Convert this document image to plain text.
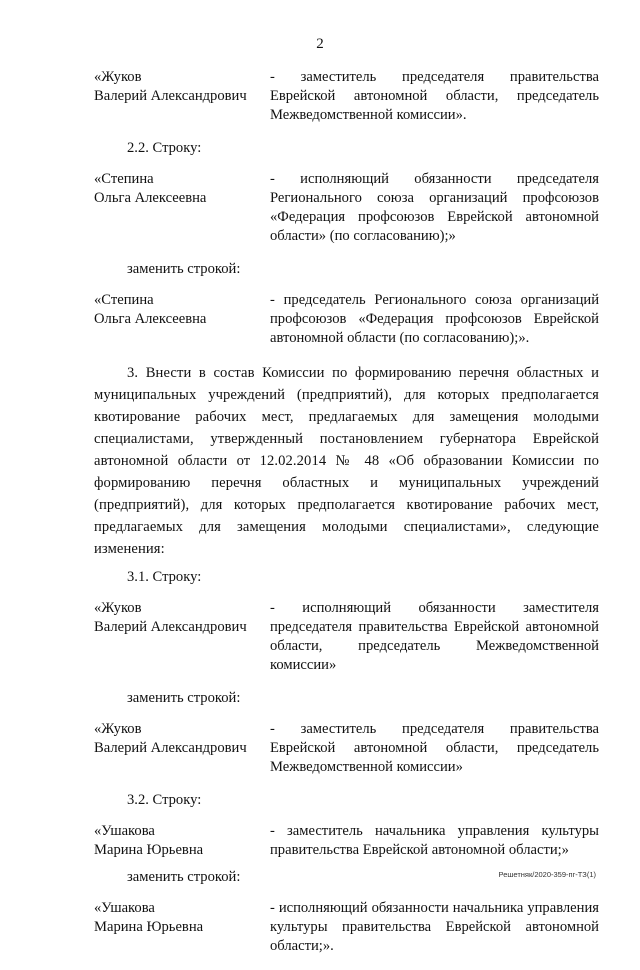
2
«Жуков
Валерий Александрович
- заместитель председателя правительства Еврейской автономной области, председатель Межведомственной комиссии».
2.2. Строку:
«Степина
Ольга Алексеевна
- исполняющий обязанности председателя Регионального союза организаций профсоюзов «Федерация профсоюзов Еврейской автономной области» (по согласованию);»
заменить строкой:
«Степина
Ольга Алексеевна
- председатель Регионального союза организаций профсоюзов «Федерация профсоюзов Еврейской автономной области (по согласованию);».
3. Внести в состав Комиссии по формированию перечня областных и муниципальных учреждений (предприятий), для которых предполагается квотирование рабочих мест, предлагаемых для замещения молодыми специалистами, утвержденный постановлением губернатора Еврейской автономной области от 12.02.2014 № 48 «Об образовании Комиссии по формированию перечня областных и муниципальных учреждений (предприятий), для которых предполагается квотирование рабочих мест, предлагаемых для замещения молодыми специалистами», следующие изменения:
3.1. Строку:
«Жуков
Валерий Александрович
- исполняющий обязанности заместителя председателя правительства Еврейской автономной области, председатель Межведомственной комиссии»
заменить строкой:
«Жуков
Валерий Александрович
- заместитель председателя правительства Еврейской автономной области, председатель Межведомственной комиссии»
3.2. Строку:
«Ушакова
Марина Юрьевна
- заместитель начальника управления культуры правительства Еврейской автономной области;»
заменить строкой:
«Ушакова
Марина Юрьевна
- исполняющий обязанности начальника управления культуры правительства Еврейской автономной области;».
Решетняк/2020-359-пг-ТЗ(1)
